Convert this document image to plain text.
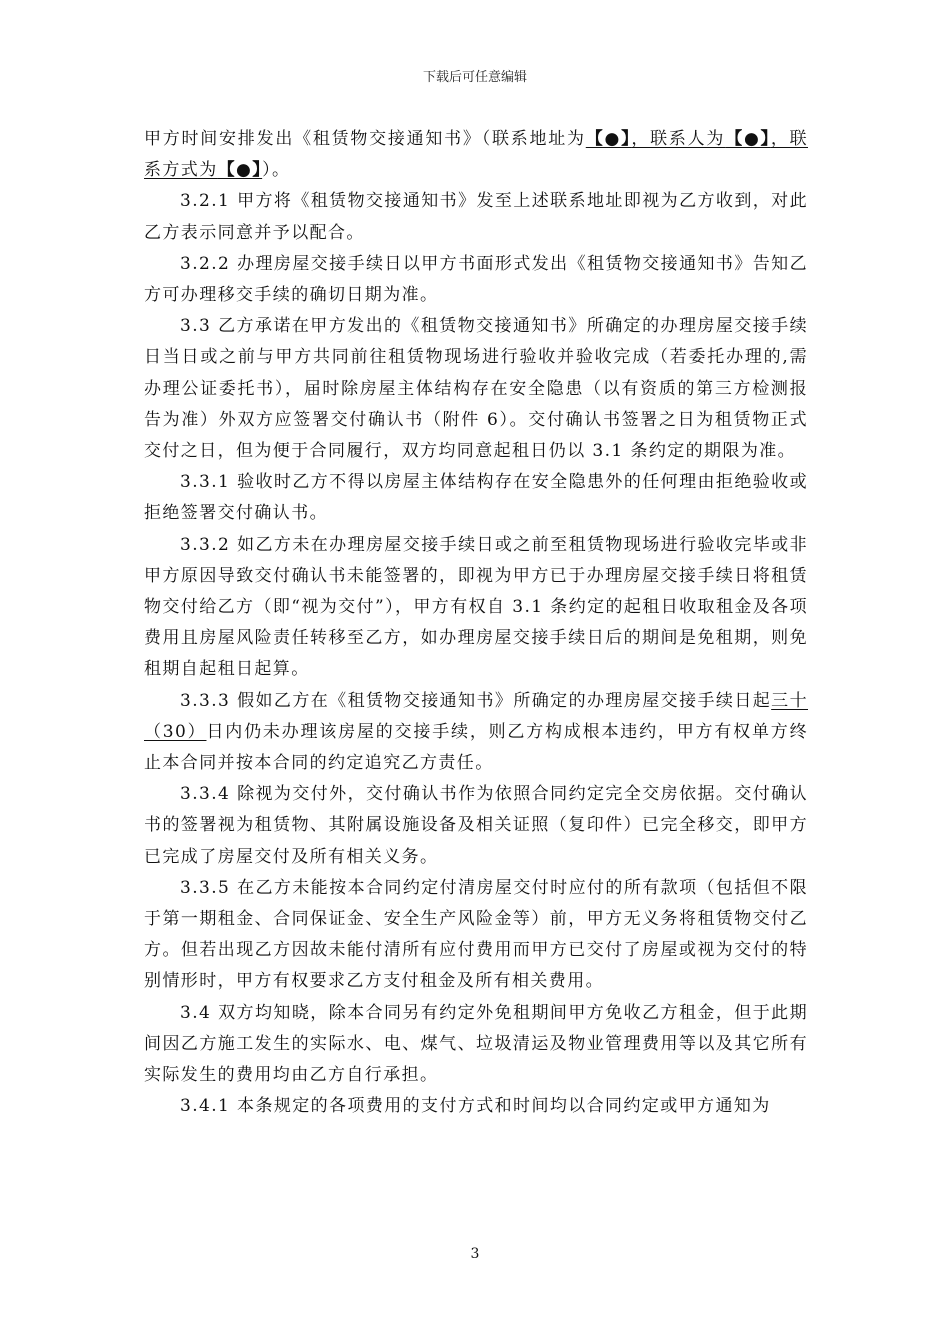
下载后可任意编辑

甲方时间安排发出《租赁物交接通知书》（联系地址为【●】，联系人为【●】，联系方式为【●】）。

3.2.1 甲方将《租赁物交接通知书》发至上述联系地址即视为乙方收到，对此乙方表示同意并予以配合。

3.2.2 办理房屋交接手续日以甲方书面形式发出《租赁物交接通知书》告知乙方可办理移交手续的确切日期为准。

3.3 乙方承诺在甲方发出的《租赁物交接通知书》所确定的办理房屋交接手续日当日或之前与甲方共同前往租赁物现场进行验收并验收完成（若委托办理的,需办理公证委托书），届时除房屋主体结构存在安全隐患（以有资质的第三方检测报告为准）外双方应签署交付确认书（附件 6）。交付确认书签署之日为租赁物正式交付之日，但为便于合同履行，双方均同意起租日仍以 3.1 条约定的期限为准。

3.3.1 验收时乙方不得以房屋主体结构存在安全隐患外的任何理由拒绝验收或拒绝签署交付确认书。

3.3.2 如乙方未在办理房屋交接手续日或之前至租赁物现场进行验收完毕或非甲方原因导致交付确认书未能签署的，即视为甲方已于办理房屋交接手续日将租赁物交付给乙方（即“视为交付”），甲方有权自 3.1 条约定的起租日收取租金及各项费用且房屋风险责任转移至乙方，如办理房屋交接手续日后的期间是免租期，则免租期自起租日起算。

3.3.3 假如乙方在《租赁物交接通知书》所确定的办理房屋交接手续日起三十（30）日内仍未办理该房屋的交接手续，则乙方构成根本违约，甲方有权单方终止本合同并按本合同的约定追究乙方责任。

3.3.4 除视为交付外，交付确认书作为依照合同约定完全交房依据。交付确认书的签署视为租赁物、其附属设施设备及相关证照（复印件）已完全移交，即甲方已完成了房屋交付及所有相关义务。

3.3.5 在乙方未能按本合同约定付清房屋交付时应付的所有款项（包括但不限于第一期租金、合同保证金、安全生产风险金等）前，甲方无义务将租赁物交付乙方。但若出现乙方因故未能付清所有应付费用而甲方已交付了房屋或视为交付的特别情形时，甲方有权要求乙方支付租金及所有相关费用。

3.4 双方均知晓，除本合同另有约定外免租期间甲方免收乙方租金，但于此期间因乙方施工发生的实际水、电、煤气、垃圾清运及物业管理费用等以及其它所有实际发生的费用均由乙方自行承担。

3.4.1 本条规定的各项费用的支付方式和时间均以合同约定或甲方通知为

3
